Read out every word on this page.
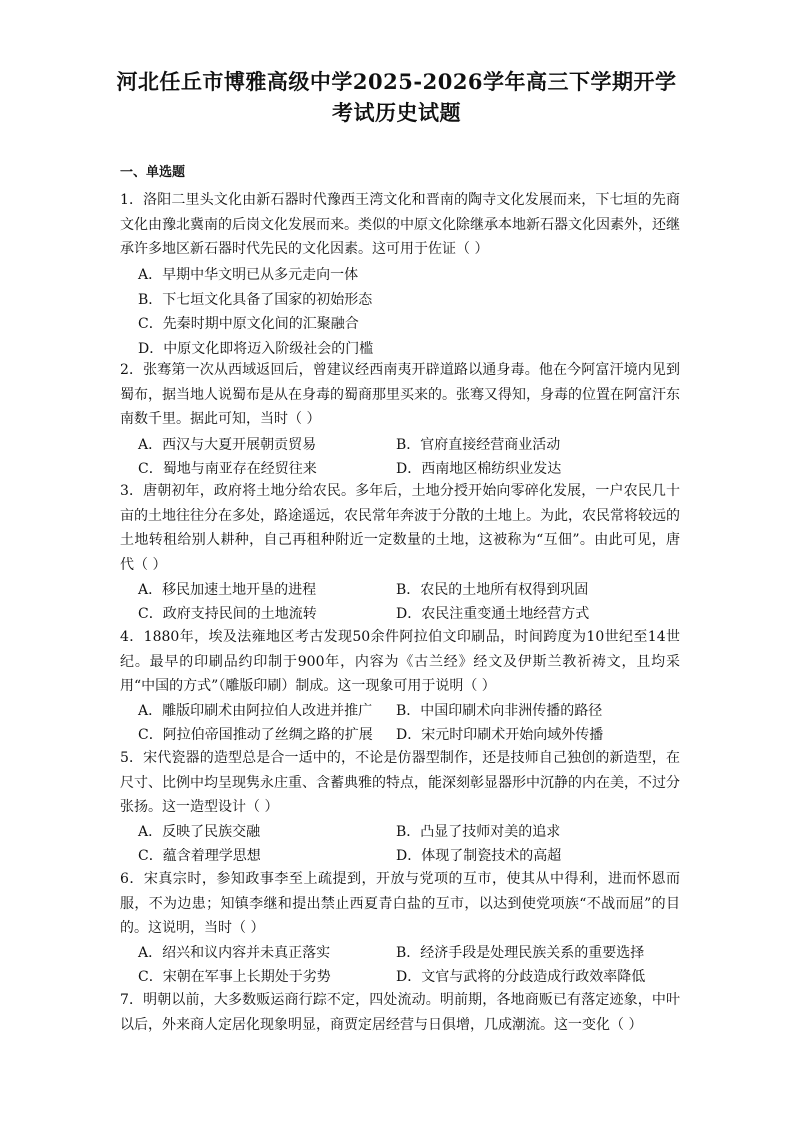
河北任丘市博雅高级中学2025-2026学年高三下学期开学
考试历史试题
一、单选题

1．洛阳二里头文化由新石器时代豫西王湾文化和晋南的陶寺文化发展而来，下七垣的先商文化由豫北冀南的后岗文化发展而来。类似的中原文化除继承本地新石器文化因素外，还继承许多地区新石器时代先民的文化因素。这可用于佐证（ ）

A．早期中华文明已从多元走向一体
B．下七垣文化具备了国家的初始形态
C．先秦时期中原文化间的汇聚融合
D．中原文化即将迈入阶级社会的门槛

2．张骞第一次从西域返回后，曾建议经西南夷开辟道路以通身毒。他在今阿富汗境内见到蜀布，据当地人说蜀布是从在身毒的蜀商那里买来的。张骞又得知，身毒的位置在阿富汗东南数千里。据此可知，当时（ ）

A．西汉与大夏开展朝贡贸易	B．官府直接经营商业活动
C．蜀地与南亚存在经贸往来	D．西南地区棉纺织业发达

3．唐朝初年，政府将土地分给农民。多年后，土地分授开始向零碎化发展，一户农民几十亩的土地往往分在多处，路途遥远，农民常年奔波于分散的土地上。为此，农民常将较远的土地转租给别人耕种，自己再租种附近一定数量的土地，这被称为“互佃”。由此可见，唐代（ ）

A．移民加速土地开垦的进程	B．农民的土地所有权得到巩固
C．政府支持民间的土地流转	D．农民注重变通土地经营方式

4．1880年，埃及法雍地区考古发现50余件阿拉伯文印刷品，时间跨度为10世纪至14世纪。最早的印刷品约印制于900年，内容为《古兰经》经文及伊斯兰教祈祷文，且均采用“中国的方式”（雕版印刷）制成。这一现象可用于说明（ ）

A．雕版印刷术由阿拉伯人改进并推广 B．中国印刷术向非洲传播的路径
C．阿拉伯帝国推动了丝绸之路的扩展 D．宋元时印刷术开始向域外传播

5．宋代瓷器的造型总是合一适中的，不论是仿器型制作，还是技师自己独创的新造型，在尺寸、比例中均呈现隽永庄重、含蓄典雅的特点，能深刻彰显器形中沉静的内在美，不过分张扬。这一造型设计（ ）

A．反映了民族交融	B．凸显了技师对美的追求
C．蕴含着理学思想	D．体现了制瓷技术的高超

6．宋真宗时，参知政事李至上疏提到，开放与党项的互市，使其从中得利，进而怀恩而服，不为边患；知镇李继和提出禁止西夏青白盐的互市，以达到使党项族“不战而屈”的目的。这说明，当时（ ）

A．绍兴和议内容并未真正落实	B．经济手段是处理民族关系的重要选择
C．宋朝在军事上长期处于劣势	D．文官与武将的分歧造成行政效率降低

7．明朝以前，大多数贩运商行踪不定，四处流动。明前期，各地商贩已有落定迹象，中叶以后，外来商人定居化现象明显，商贾定居经营与日俱增，几成潮流。这一变化（ ）
